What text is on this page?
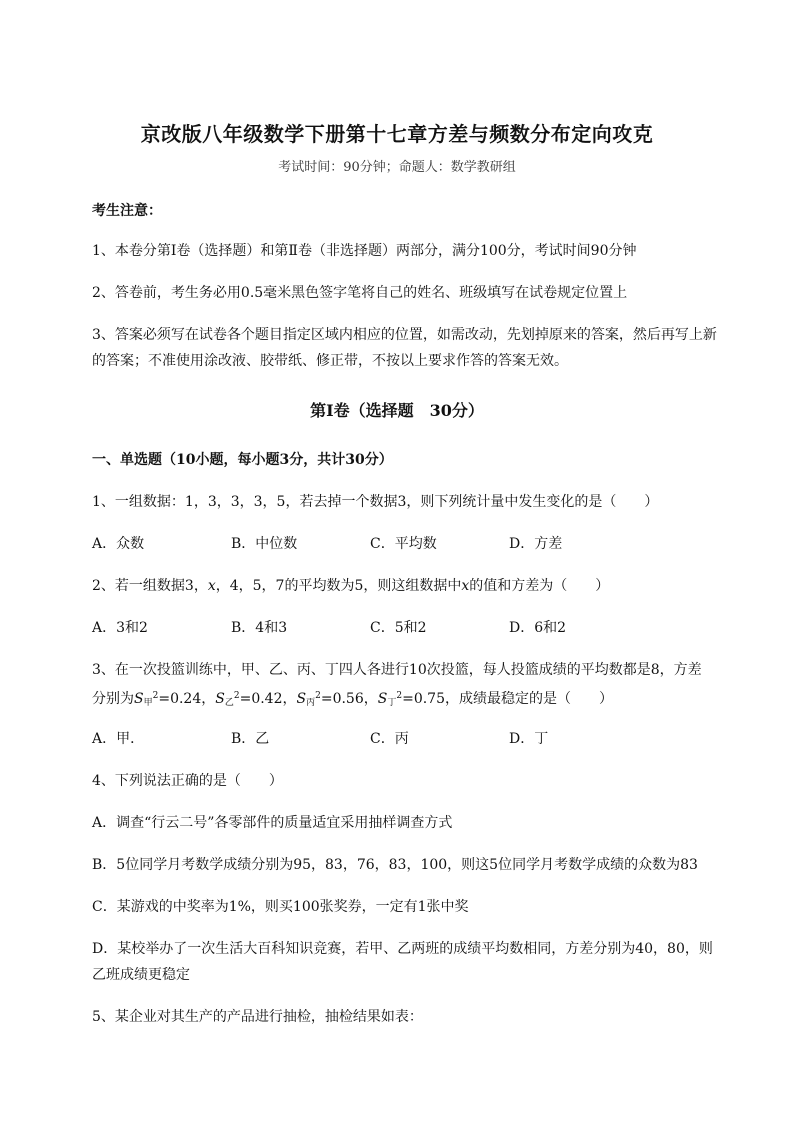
京改版八年级数学下册第十七章方差与频数分布定向攻克
考试时间：90分钟；命题人：数学教研组
考生注意：
1、本卷分第Ⅰ卷（选择题）和第Ⅱ卷（非选择题）两部分，满分100分，考试时间90分钟
2、答卷前，考生务必用0.5毫米黑色签字笔将自己的姓名、班级填写在试卷规定位置上
3、答案必须写在试卷各个题目指定区域内相应的位置，如需改动，先划掉原来的答案，然后再写上新
的答案；不准使用涂改液、胶带纸、修正带，不按以上要求作答的答案无效。
第Ⅰ卷（选择题　30分）
一、单选题（10小题，每小题3分，共计30分）
1、一组数据：1，3，3，3，5，若去掉一个数据3，则下列统计量中发生变化的是（　　）
A．众数	B．中位数	C．平均数	D．方差
2、若一组数据3，x，4，5，7的平均数为5，则这组数据中x的值和方差为（　　）
A．3和2	B．4和3	C．5和2	D．6和2
3、在一次投篮训练中，甲、乙、丙、丁四人各进行10次投篮，每人投篮成绩的平均数都是8，方差
分别为$S_甲^2=0.24$，$S_乙^2=0.42$，$S_丙^2=0.56$，$S_丁^2=0.75$，成绩最稳定的是（　　）
A．甲．	B．乙	C．丙	D．丁
4、下列说法正确的是（　　）
A．调查“行云二号”各零部件的质量适宜采用抽样调查方式
B．5位同学月考数学成绩分别为95，83，76，83，100，则这5位同学月考数学成绩的众数为83
C．某游戏的中奖率为1%，则买100张奖券，一定有1张中奖
D．某校举办了一次生活大百科知识竞赛，若甲、乙两班的成绩平均数相同，方差分别为40，80，则
乙班成绩更稳定
5、某企业对其生产的产品进行抽检，抽检结果如表：
